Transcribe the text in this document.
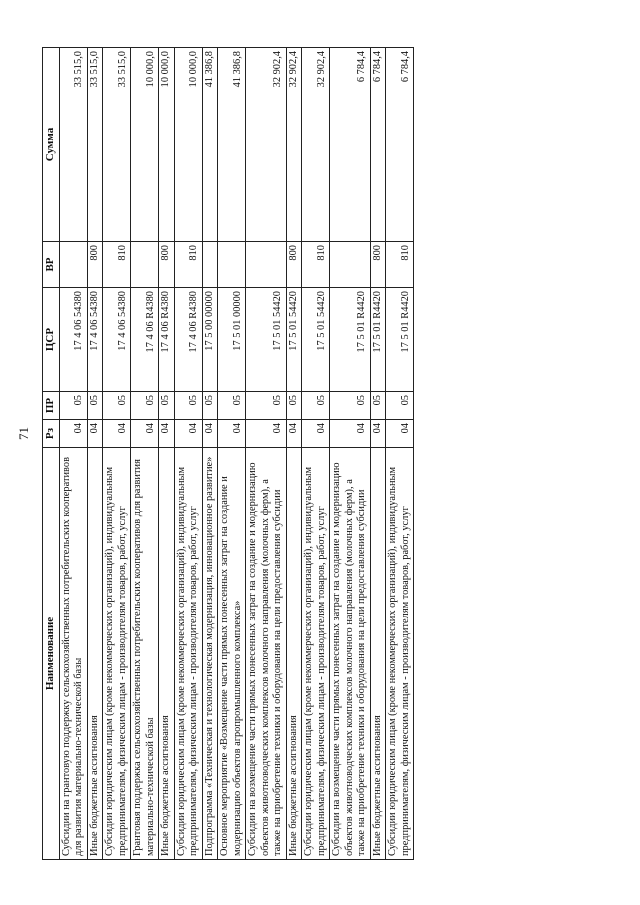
71
Наименование	Рз	ПР	ЦСР	ВР	Сумма
Субсидии на грантовую поддержку сельскохозяйственных потребительских кооперативов для развития материально-технической базы	04	05	17 4 06 54380		33 515,0
Иные бюджетные ассигнования	04	05	17 4 06 54380	800	33 515,0
Субсидии юридическим лицам (кроме некоммерческих организаций), индивидуальным предпринимателям, физическим лицам - производителям товаров, работ, услуг	04	05	17 4 06 54380	810	33 515,0
Грантовая поддержка сельскохозяйственных потребительских кооперативов для развития материально-технической базы	04	05	17 4 06 R4380		10 000,0
Иные бюджетные ассигнования	04	05	17 4 06 R4380	800	10 000,0
Субсидии юридическим лицам (кроме некоммерческих организаций), индивидуальным предпринимателям, физическим лицам - производителям товаров, работ, услуг	04	05	17 4 06 R4380	810	10 000,0
Подпрограмма «Техническая и технологическая модернизация, инновационное развитие»	04	05	17 5 00 00000		41 386,8
Основное мероприятие «Возмещение части прямых понесенных затрат на создание и модернизацию объектов агропромышленного комплекса»	04	05	17 5 01 00000		41 386,8
Субсидии на возмещение части прямых понесенных затрат на создание и модернизацию объектов животноводческих комплексов молочного направления (молочных ферм), а также на приобретение техники и оборудования на цели предоставления субсидии	04	05	17 5 01 54420		32 902,4
Иные бюджетные ассигнования	04	05	17 5 01 54420	800	32 902,4
Субсидии юридическим лицам (кроме некоммерческих организаций), индивидуальным предпринимателям, физическим лицам - производителям товаров, работ, услуг	04	05	17 5 01 54420	810	32 902,4
Субсидии на возмещение части прямых понесенных затрат на создание и модернизацию объектов животноводческих комплексов молочного направления (молочных ферм), а также на приобретение техники и оборудования на цели предоставления субсидии	04	05	17 5 01 R4420		6 784,4
Иные бюджетные ассигнования	04	05	17 5 01 R4420	800	6 784,4
Субсидии юридическим лицам (кроме некоммерческих организаций), индивидуальным предпринимателям, физическим лицам - производителям товаров, работ, услуг	04	05	17 5 01 R4420	810	6 784,4
